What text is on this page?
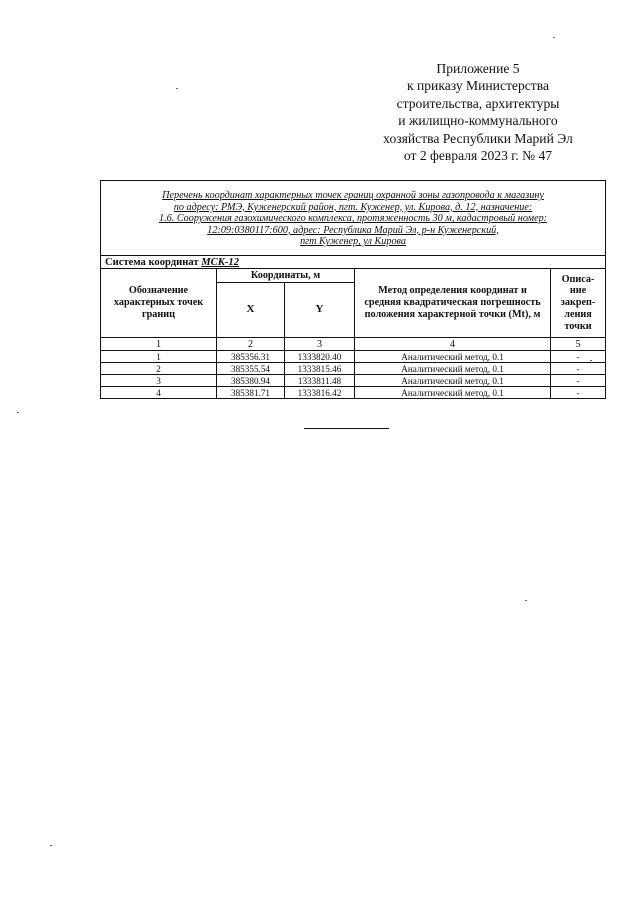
Приложение 5
к приказу Министерства
строительства, архитектуры
и жилищно-коммунального
хозяйства Республики Марий Эл
от 2 февраля 2023 г. № 47
Перечень координат характерных точек границ охранной зоны газопровода к магазину
по адресу: РМЭ, Куженерский район, пгт. Куженер, ул. Кирова, д. 12, назначение:
1.6. Сооружения газохимического комплекса, протяженность 30 м, кадастровый номер:
12:09:0380117:600, адрес: Республика Марий Эл, р-н Куженерский,
пгт Куженер, ул Кирова				

Система координат МСК-12				
Обозначение характерных точек границ	Координаты, м		Метод определения координат и средняя квадратическая погрешность положения характерной точки (Mt), м	Описа-ние закреп-ления точки
	X	Y		
1	2	3	4	5
1	385356.31	1333820.40	Аналитический метод, 0.1	-
2	385355.54	1333815.46	Аналитический метод, 0.1	-
3	385380.94	1333811.48	Аналитический метод, 0.1	-
4	385381.71	1333816.42	Аналитический метод, 0.1	-
